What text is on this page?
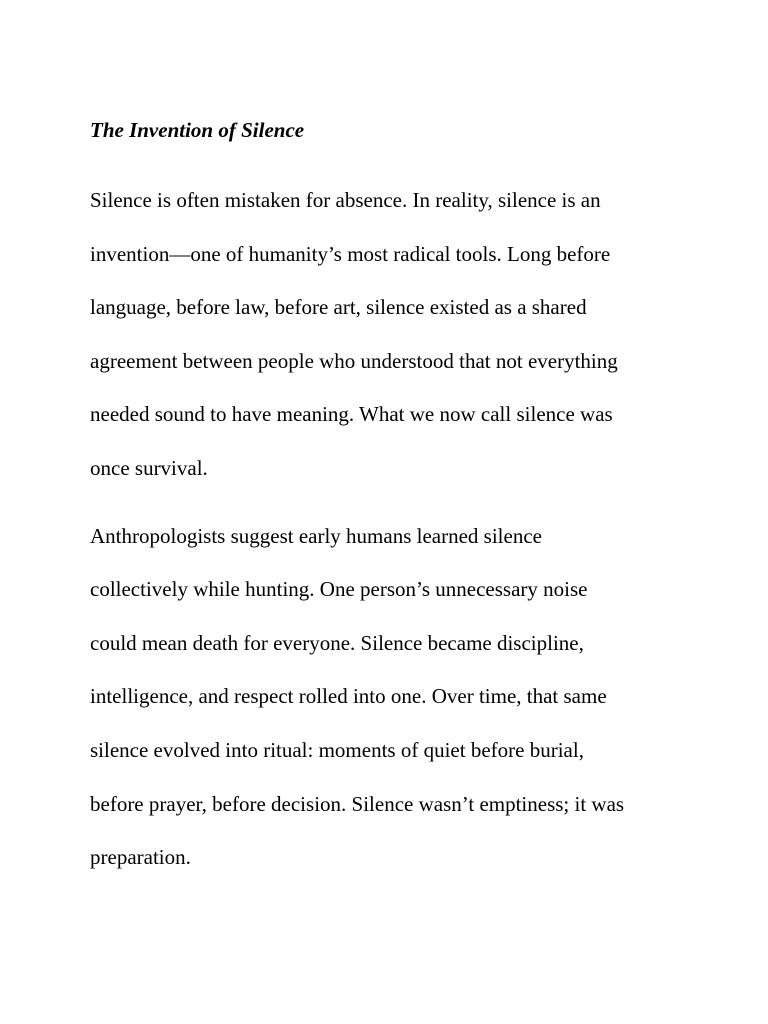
The Invention of Silence

Silence is often mistaken for absence. In reality, silence is an
invention—one of humanity’s most radical tools. Long before
language, before law, before art, silence existed as a shared
agreement between people who understood that not everything
needed sound to have meaning. What we now call silence was
once survival.

Anthropologists suggest early humans learned silence
collectively while hunting. One person’s unnecessary noise
could mean death for everyone. Silence became discipline,
intelligence, and respect rolled into one. Over time, that same
silence evolved into ritual: moments of quiet before burial,
before prayer, before decision. Silence wasn’t emptiness; it was
preparation.
